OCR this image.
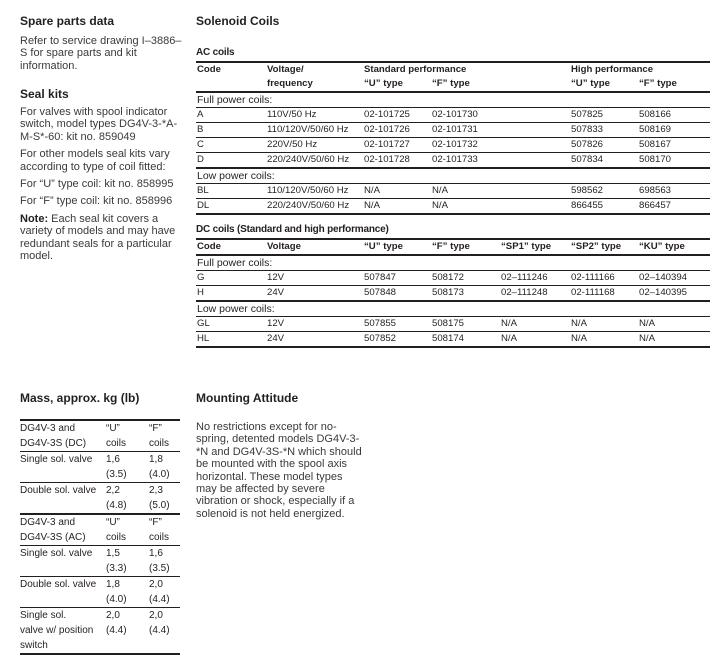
Spare parts data

Refer to service drawing I–3886–S for spare parts and kit information.

Seal kits

For valves with spool indicator switch, model types DG4V-3-*A-M-S*-60: kit no. 859049

For other models seal kits vary according to type of coil fitted:

For “U” type coil: kit no. 858995

For “F” type coil: kit no. 858996

Note: Each seal kit covers a variety of models and may have redundant seals for a particular model.

Mass, approx. kg (lb)
DG4V-3 and	“U”	“F”
DG4V-3S (DC)	coils	coils
Single sol. valve	1,6	1,8
	(3.5)	(4.0)
Double sol. valve	2,2	2,3
	(4.8)	(5.0)
DG4V-3 and	“U”	“F”
DG4V-3S (AC)	coils	coils
Single sol. valve	1,5	1,6
	(3.3)	(3.5)
Double sol. valve	1,8	2,0
	(4.0)	(4.4)
Single sol.	2,0	2,0
valve w/ position	(4.4)	(4.4)
switch		
Solenoid Coils
AC coils
Code	Voltage/	Standard performance		High performance	
	frequency	“U” type	“F” type	“U” type	“F” type
Full power coils:					
A	110V/50 Hz	02-101725	02-101730	507825	508166
B	110/120V/50/60 Hz	02-101726	02-101731	507833	508169
C	220V/50 Hz	02-101727	02-101732	507826	508167
D	220/240V/50/60 Hz	02-101728	02-101733	507834	508170
Low power coils:					
BL	110/120V/50/60 Hz	N/A	N/A	598562	698563
DL	220/240V/50/60 Hz	N/A	N/A	866455	866457
DC coils (Standard and high performance)
Code	Voltage	“U” type	“F” type	“SP1” type	“SP2” type	“KU” type
Full power coils:						
G	12V	507847	508172	02–111246	02-111166	02–140394
H	24V	507848	508173	02–111248	02-111168	02–140395
Low power coils:						
GL	12V	507855	508175	N/A	N/A	N/A
HL	24V	507852	508174	N/A	N/A	N/A
Mounting Attitude

No restrictions except for no-spring, detented models DG4V-3-*N and DG4V-3S-*N which should be mounted with the spool axis horizontal. These model types may be affected by severe vibration or shock, especially if a solenoid is not held energized.
